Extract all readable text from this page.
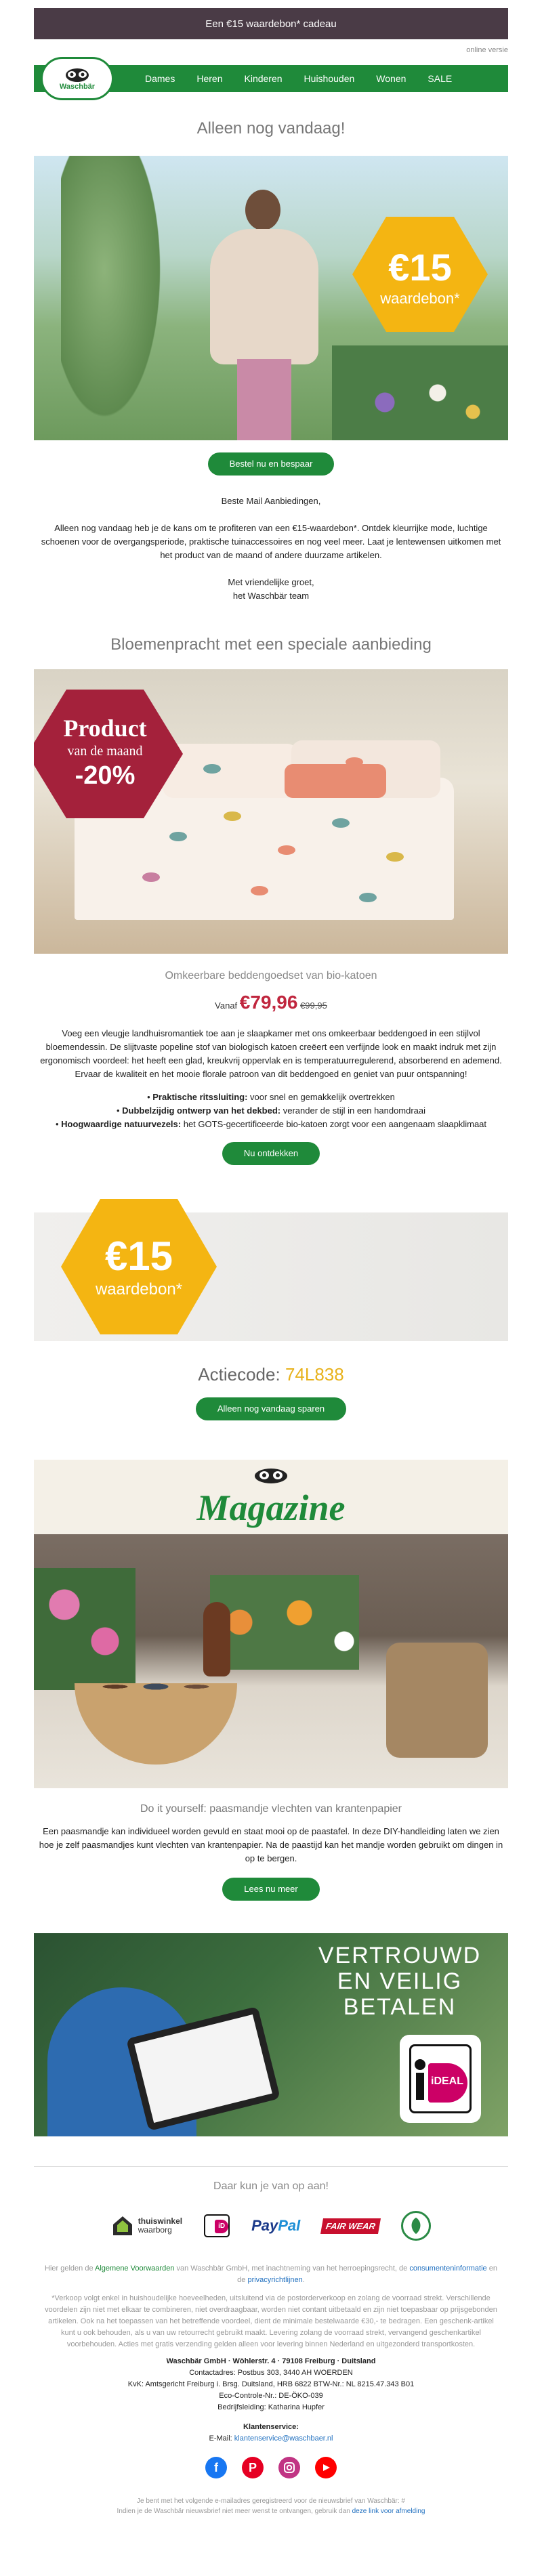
Een €15 waardebon* cadeau
online versie
Waschbär
Dames	Heren	Kinderen	Huishouden	Wonen	SALE
Alleen nog vandaag!
€15
waardebon*
Bestel nu en bespaar

Beste Mail Aanbiedingen,

Alleen nog vandaag heb je de kans om te profiteren van een €15-waardebon*. Ontdek kleurrijke mode, luchtige schoenen voor de overgangsperiode, praktische tuinaccessoires en nog veel meer. Laat je lentewensen uitkomen met het product van de maand of andere duurzame artikelen.

Met vriendelijke groet,

het Waschbär team

Bloemenpracht met een speciale aanbieding
Product
van de maand
-20%
Omkeerbare beddengoedset van bio-katoen
Vanaf €79,96 €99,95
Voeg een vleugje landhuisromantiek toe aan je slaapkamer met ons omkeerbaar beddengoed in een stijlvol bloemendessin. De slijtvaste popeline stof van biologisch katoen creëert een verfijnde look en maakt indruk met zijn ergonomisch voordeel: het heeft een glad, kreukvrij oppervlak en is temperatuurregulerend, absorberend en ademend. Ervaar de kwaliteit en het mooie florale patroon van dit beddengoed en geniet van puur ontspanning!

• Praktische ritssluiting: voor snel en gemakkelijk overtrekken

• Dubbelzijdig ontwerp van het dekbed: verander de stijl in een handomdraai

• Hoogwaardige natuurvezels: het GOTS-gecertificeerde bio-katoen zorgt voor een aangenaam slaapklimaat

Nu ontdekken
€15
waardebon*
Actiecode: 74L838
Alleen nog vandaag sparen
Magazine
Do it yourself: paasmandje vlechten van krantenpapier
Een paasmandje kan individueel worden gevuld en staat mooi op de paastafel. In deze DIY-handleiding laten we zien hoe je zelf paasmandjes kunt vlechten van krantenpapier. Na de paastijd kan het mandje worden gebruikt om dingen in op te bergen.
Lees nu meer
VERTROUWD
EN VEILIG
BETALEN
iDEAL
Daar kun je van op aan!
thuiswinkel
waarborg	iD PayPal	FAIR WEAR

Hier gelden de Algemene Voorwaarden van Waschbär GmbH, met inachtneming van het herroepingsrecht, de consumenteninformatie en de privacyrichtlijnen.

*Verkoop volgt enkel in huishoudelijke hoeveelheden, uitsluitend via de postorderverkoop en zolang de voorraad strekt. Verschillende voordelen zijn niet met elkaar te combineren, niet overdraagbaar, worden niet contant uitbetaald en zijn niet toepasbaar op prijsgebonden artikelen. Ook na het toepassen van het betreffende voordeel, dient de minimale bestelwaarde €30,- te bedragen. Een geschenk-artikel kunt u ook behouden, als u van uw retourrecht gebruikt maakt. Levering zolang de voorraad strekt, vervangend geschenkartikel voorbehouden. Acties met gratis verzending gelden alleen voor levering binnen Nederland en uitgezonderd transportkosten.

Waschbär GmbH · Wöhlerstr. 4 · 79108 Freiburg · Duitsland

Contactadres: Postbus 303, 3440 AH WOERDEN

KvK: Amtsgericht Freiburg i. Brsg. Duitsland, HRB 6822 BTW-Nr.: NL 8215.47.343 B01

Eco-Controle-Nr.: DE-ÖKO-039

Bedrijfsleiding: Katharina Hupfer

Klantenservice:

E-Mail: klantenservice@waschbaer.nl

f	P

Je bent met het volgende e-mailadres geregistreerd voor de nieuwsbrief van Waschbär: #

Indien je de Waschbär nieuwsbrief niet meer wenst te ontvangen, gebruik dan deze link voor afmelding
